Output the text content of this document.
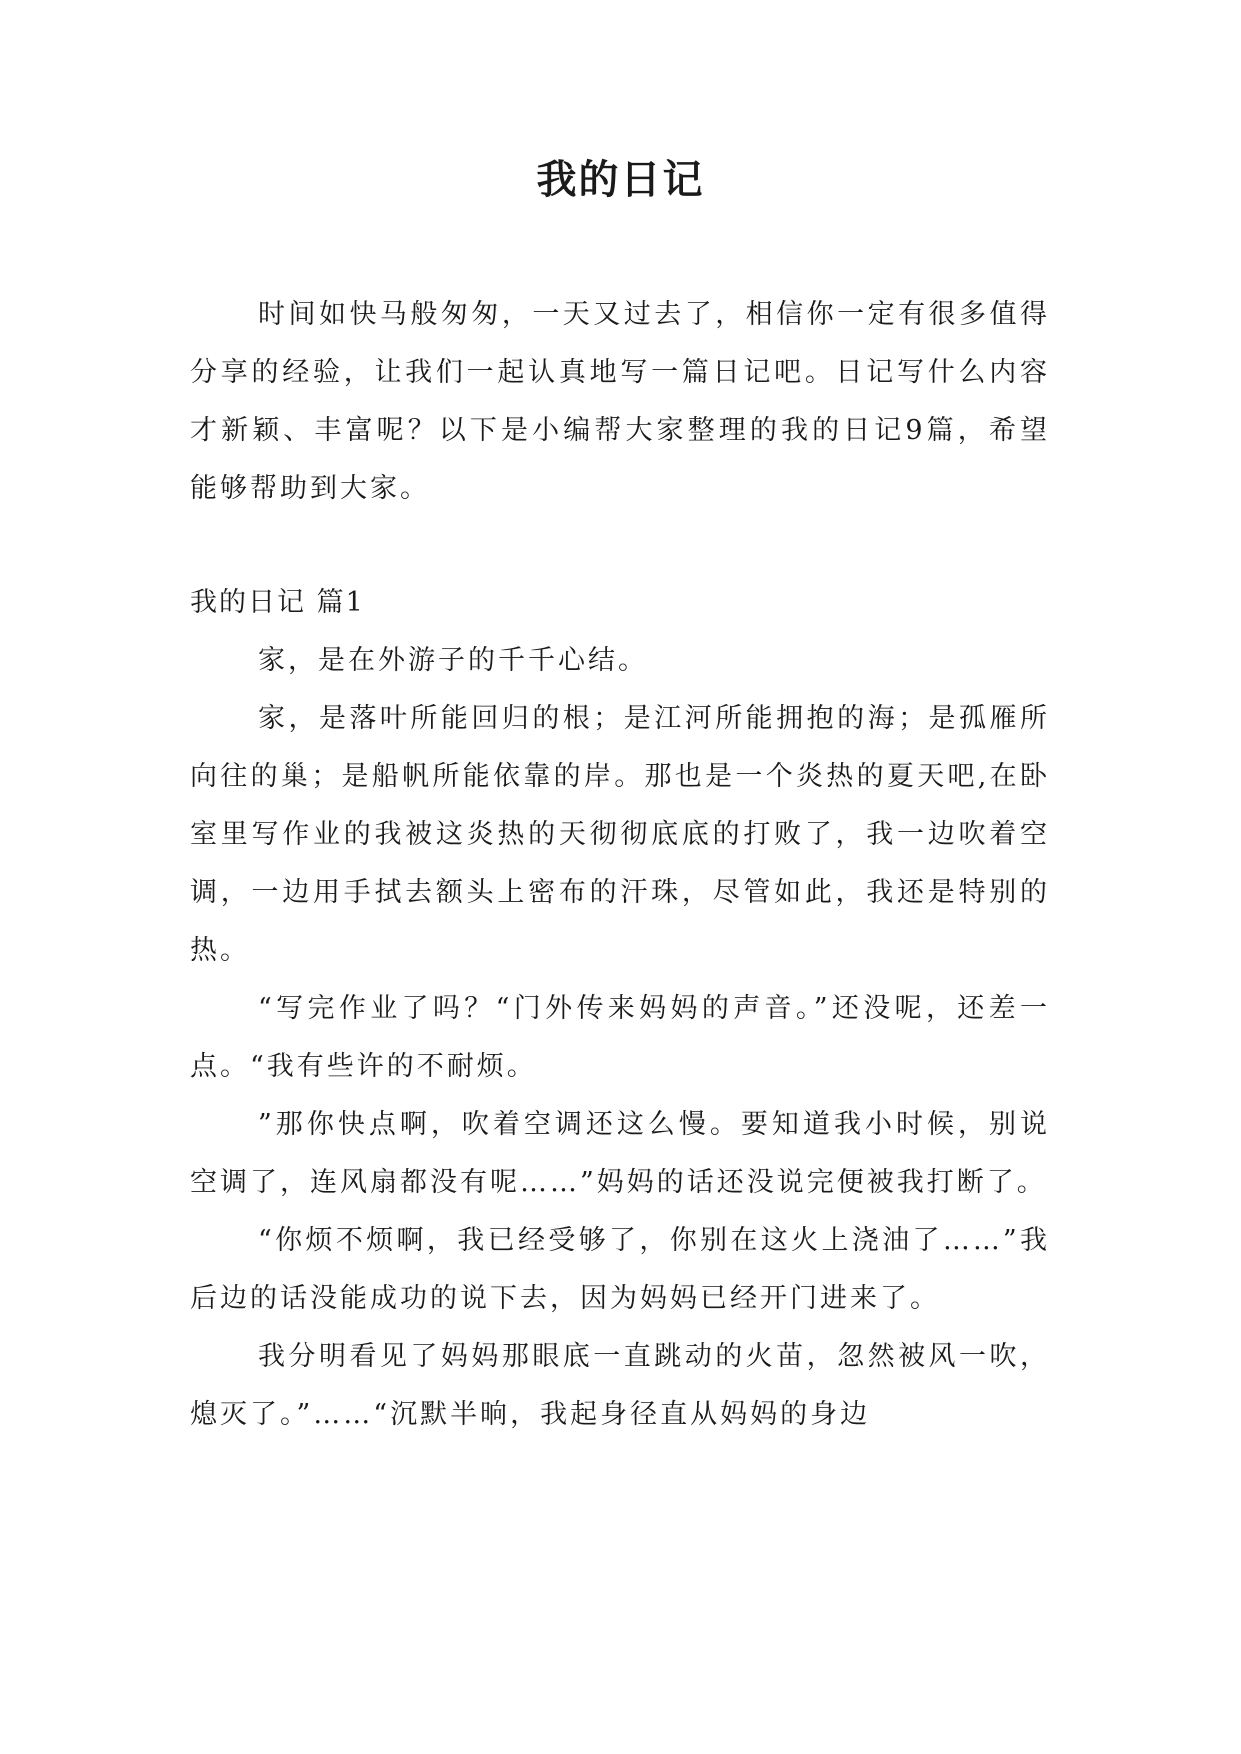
我的日记

时间如快马般匆匆，一天又过去了，相信你一定有很多值得分享的经验，让我们一起认真地写一篇日记吧。日记写什么内容才新颖、丰富呢？以下是小编帮大家整理的我的日记9篇，希望能够帮助到大家。

我的日记 篇1

家，是在外游子的千千心结。

家，是落叶所能回归的根；是江河所能拥抱的海；是孤雁所向往的巢；是船帆所能依靠的岸。那也是一个炎热的夏天吧,在卧室里写作业的我被这炎热的天彻彻底底的打败了，我一边吹着空调，一边用手拭去额头上密布的汗珠，尽管如此，我还是特别的热。

“写完作业了吗？“门外传来妈妈的声音。”还没呢，还差一点。“我有些许的不耐烦。

”那你快点啊，吹着空调还这么慢。要知道我小时候，别说空调了，连风扇都没有呢……”妈妈的话还没说完便被我打断了。

“你烦不烦啊，我已经受够了，你别在这火上浇油了……”我后边的话没能成功的说下去，因为妈妈已经开门进来了。

我分明看见了妈妈那眼底一直跳动的火苗，忽然被风一吹，熄灭了。”……“沉默半晌，我起身径直从妈妈的身边
